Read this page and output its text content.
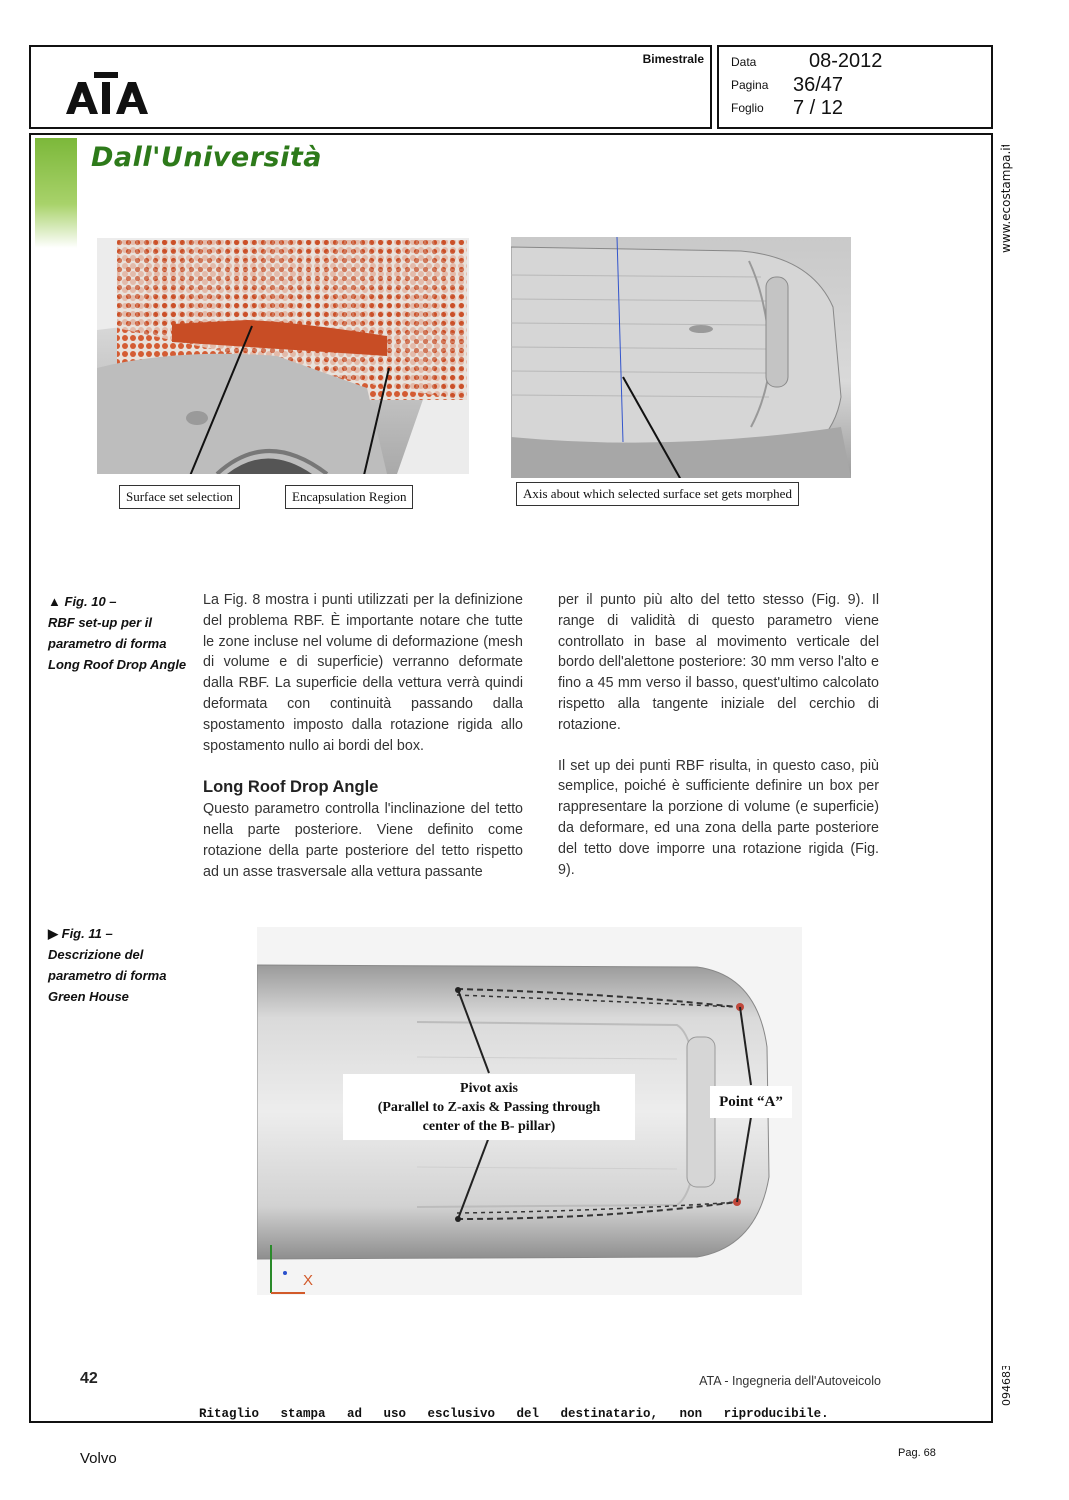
Bimestrale Data	08-2012
Pagina 36/47
Foglio 7 / 12
www.ecostampa.it
094683
Dall'Università
Surface set selection	Encapsulation Region	Axis about which selected surface set gets morphed
▲ Fig. 10 –
RBF set-up per il parametro di forma Long Roof Drop Angle
▶ Fig. 11 –
Descrizione del parametro di forma Green House

La Fig. 8 mostra i punti utilizzati per la definizione del problema RBF. È importante notare che tutte le zone incluse nel volume di deformazione (mesh di volume e di superficie) verranno deformate dalla RBF. La superficie della vettura verrà quindi deformata con continuità passando dalla spostamento imposto dalla rotazione rigida allo spostamento nullo ai bordi del box.

Long Roof Drop Angle

Questo parametro controlla l'inclinazione del tetto nella parte posteriore. Viene definito come rotazione della parte posteriore del tetto rispetto ad un asse trasversale alla vettura passante

per il punto più alto del tetto stesso (Fig. 9). Il range di validità di questo parametro viene controllato in base al movimento verticale del bordo dell'alettone posteriore: 30 mm verso l'alto e fino a 45 mm verso il basso, quest'ultimo calcolato rispetto alla tangente iniziale del cerchio di rotazione.

Il set up dei punti RBF risulta, in questo caso, più semplice, poiché è sufficiente definire un box per rappresentare la porzione di volume (e superficie) da deformare, ed una zona della parte posteriore del tetto dove imporre una rotazione rigida (Fig. 9).

Pivot axis
(Parallel to Z-axis & Passing through
center of the B- pillar)
Point “A”
X
42	ATA - Ingegneria dell'Autoveicolo
Ritaglio stampa ad uso esclusivo del destinatario, non riproducibile.
Volvo	Pag. 68
